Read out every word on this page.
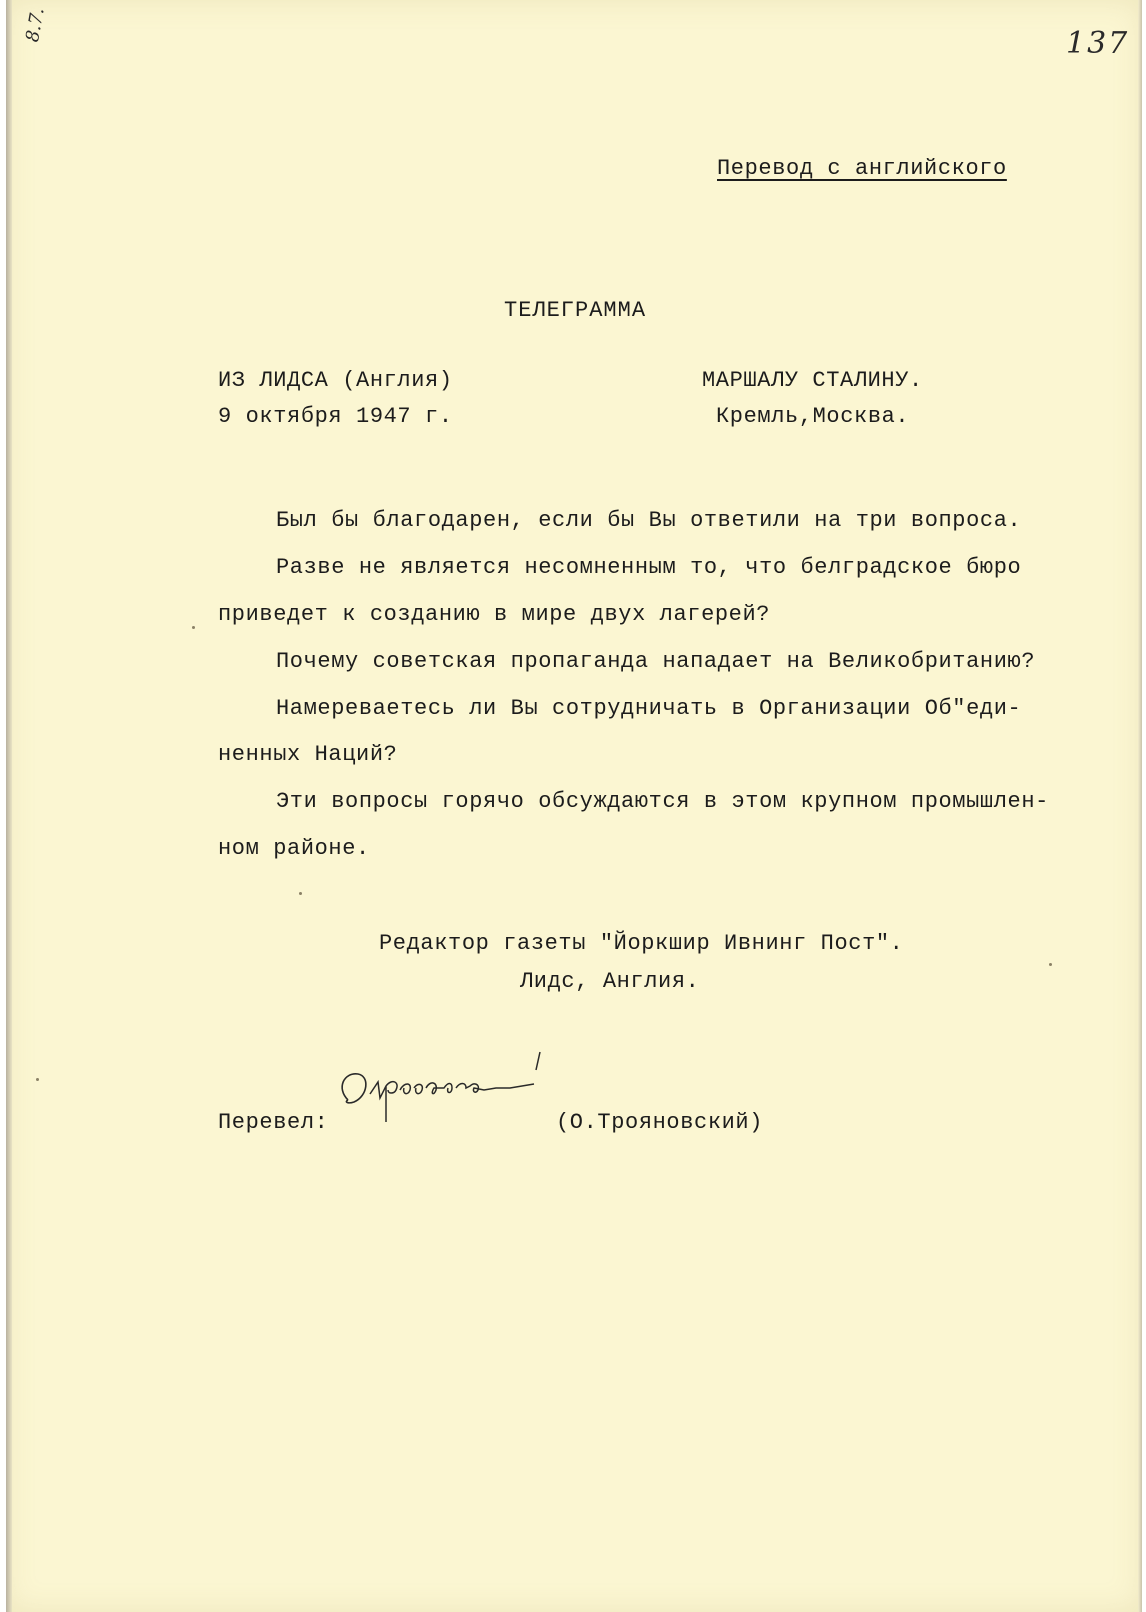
8.7.	137
Перевод с английского
ТЕЛЕГРАММА
ИЗ ЛИДСА (Англия)
9 октября 1947 г.
МАРШАЛУ СТАЛИНУ.
Кремль,Москва.
Был бы благодарен, если бы Вы ответили на три вопроса.
Разве не является несомненным то, что белградское бюро
приведет к созданию в мире двух лагерей?
Почему советская пропаганда нападает на Великобританию?
Намереваетесь ли Вы сотрудничать в Организации Об"еди-
ненных Наций?
Эти вопросы горячо обсуждаются в этом крупном промышлен-
ном районе.
Редактор газеты "Йоркшир Ивнинг Пост".
Лидс, Англия.
Перевел:	(О.Трояновский)
